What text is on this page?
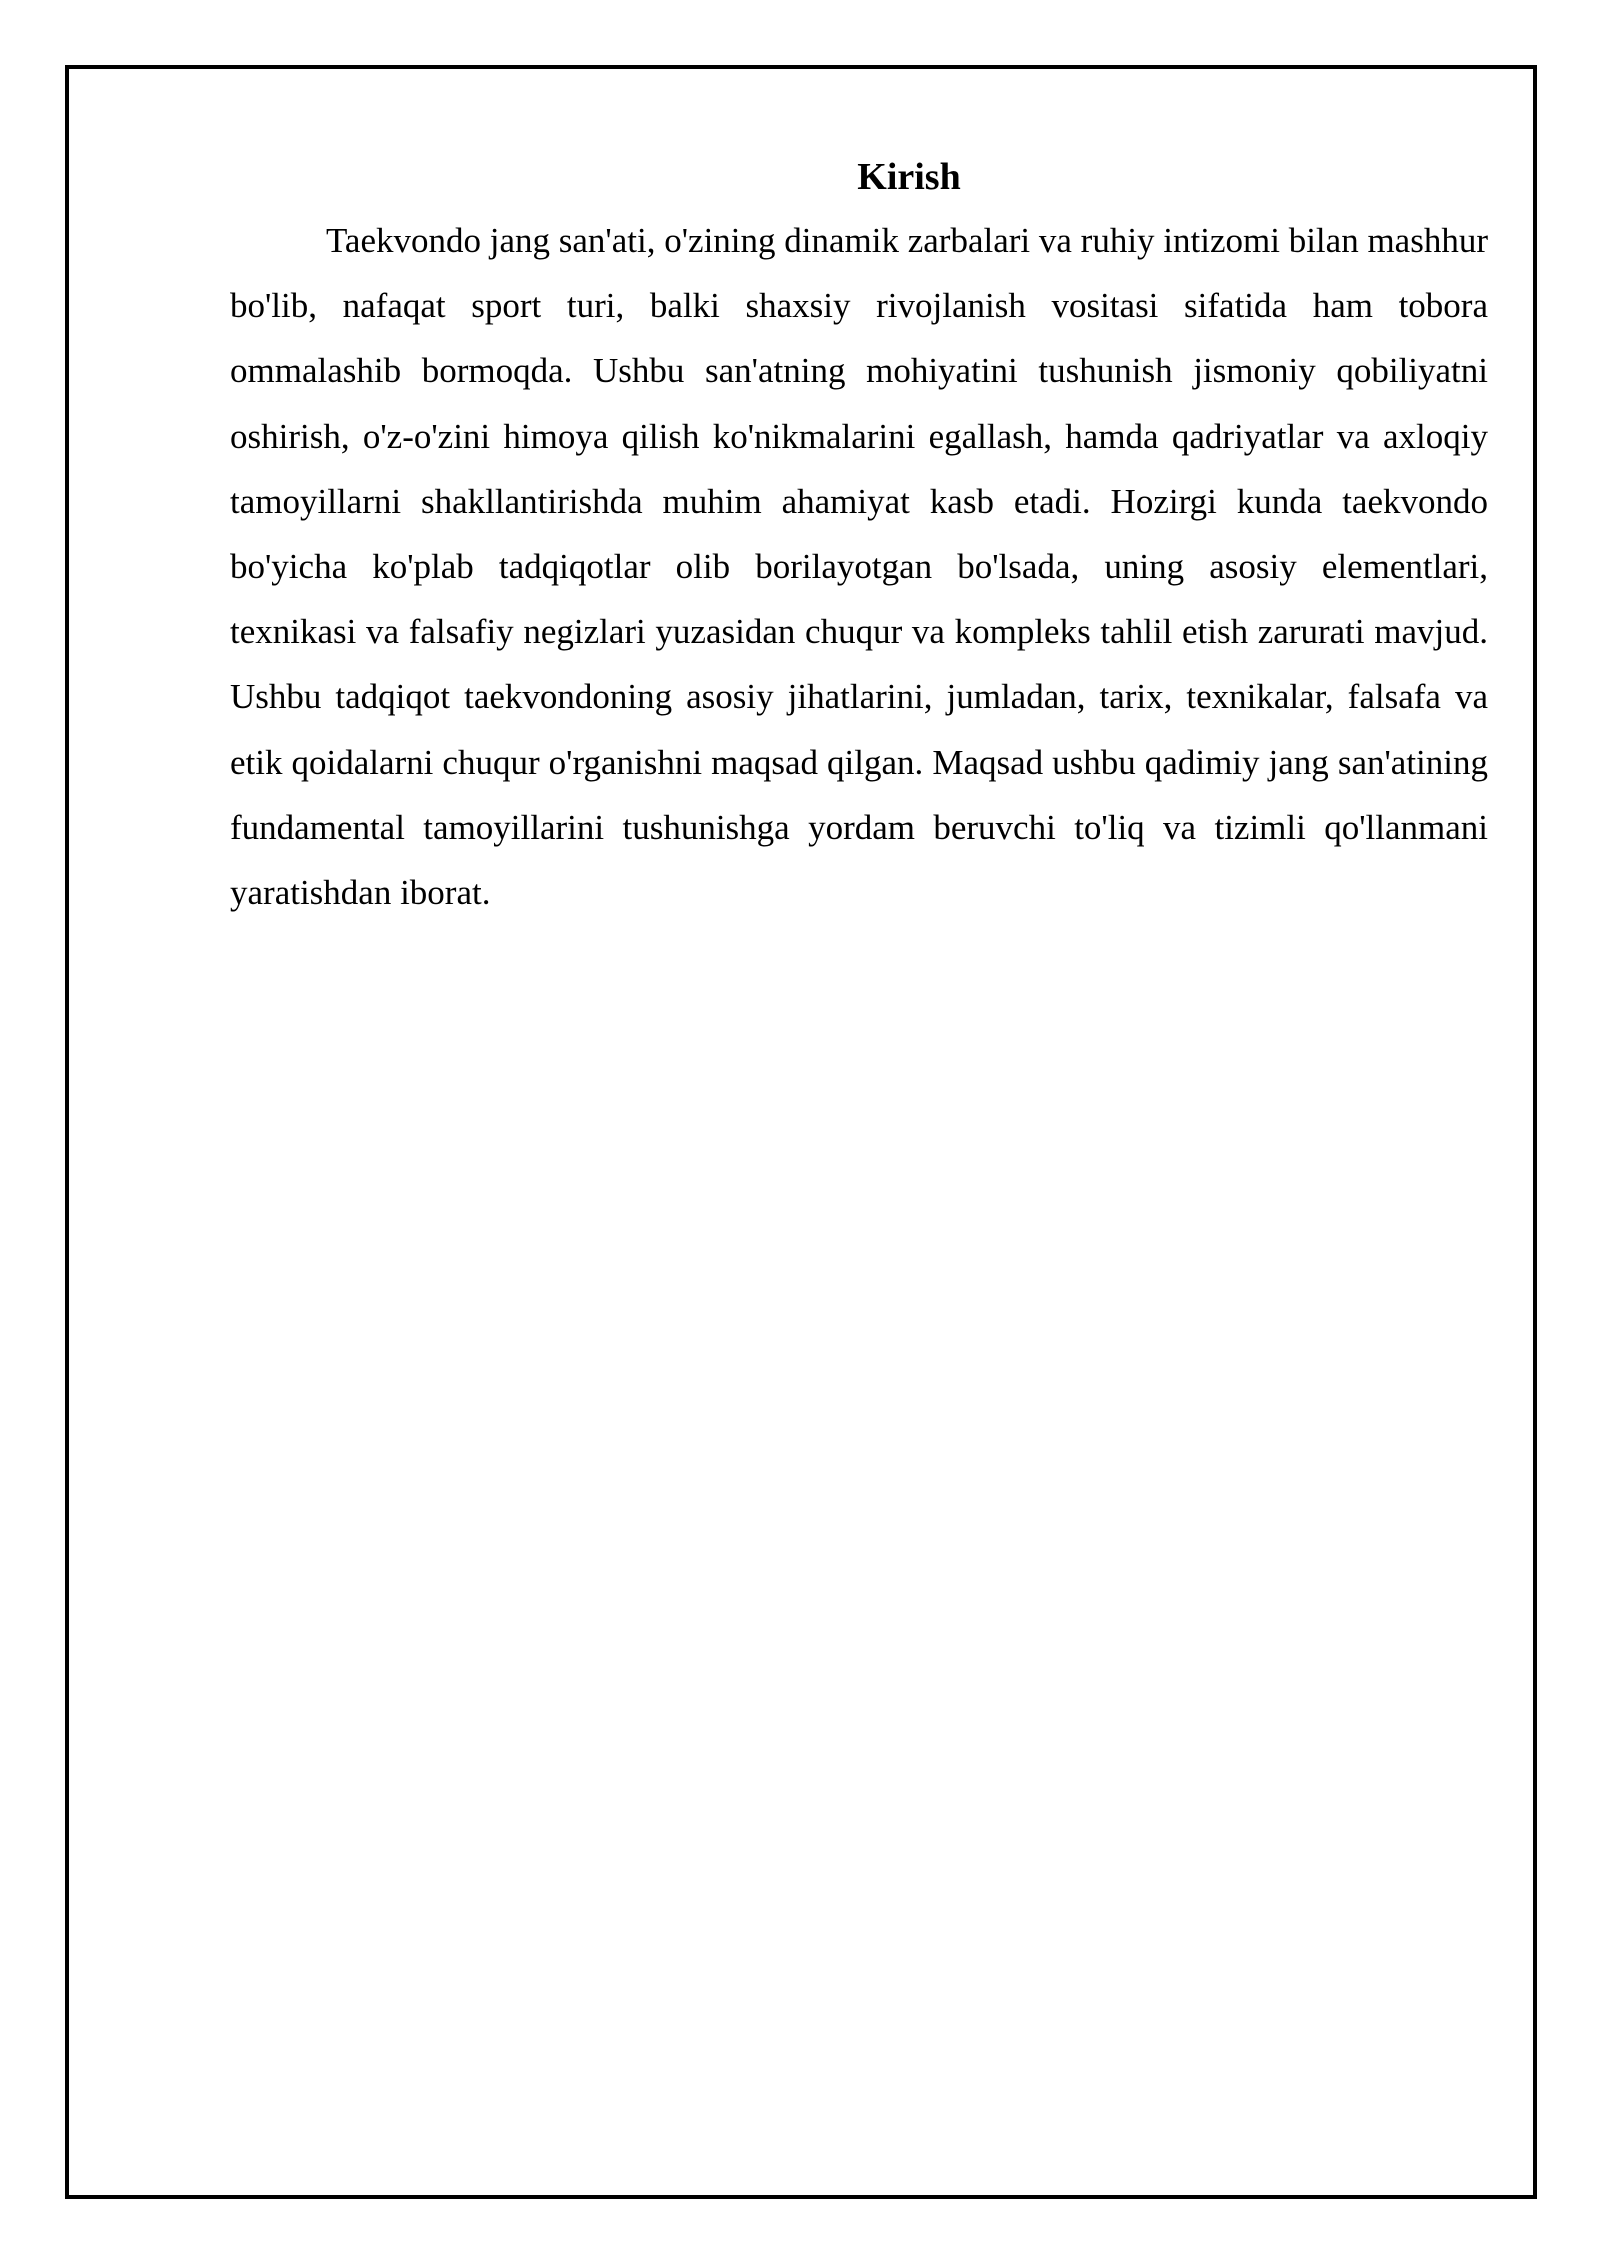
Kirish

Taekvondo jang san'ati, o'zining dinamik zarbalari va ruhiy intizomi bilan mashhur bo'lib, nafaqat sport turi, balki shaxsiy rivojlanish vositasi sifatida ham tobora ommalashib bormoqda. Ushbu san'atning mohiyatini tushunish jismoniy qobiliyatni oshirish, o'z-o'zini himoya qilish ko'nikmalarini egallash, hamda qadriyatlar va axloqiy tamoyillarni shakllantirishda muhim ahamiyat kasb etadi. Hozirgi kunda taekvondo bo'yicha ko'plab tadqiqotlar olib borilayotgan bo'lsada, uning asosiy elementlari, texnikasi va falsafiy negizlari yuzasidan chuqur va kompleks tahlil etish zarurati mavjud. Ushbu tadqiqot taekvondoning asosiy jihatlarini, jumladan, tarix, texnikalar, falsafa va etik qoidalarni chuqur o'rganishni maqsad qilgan. Maqsad ushbu qadimiy jang san'atining fundamental tamoyillarini tushunishga yordam beruvchi to'liq va tizimli qo'llanmani yaratishdan iborat.
